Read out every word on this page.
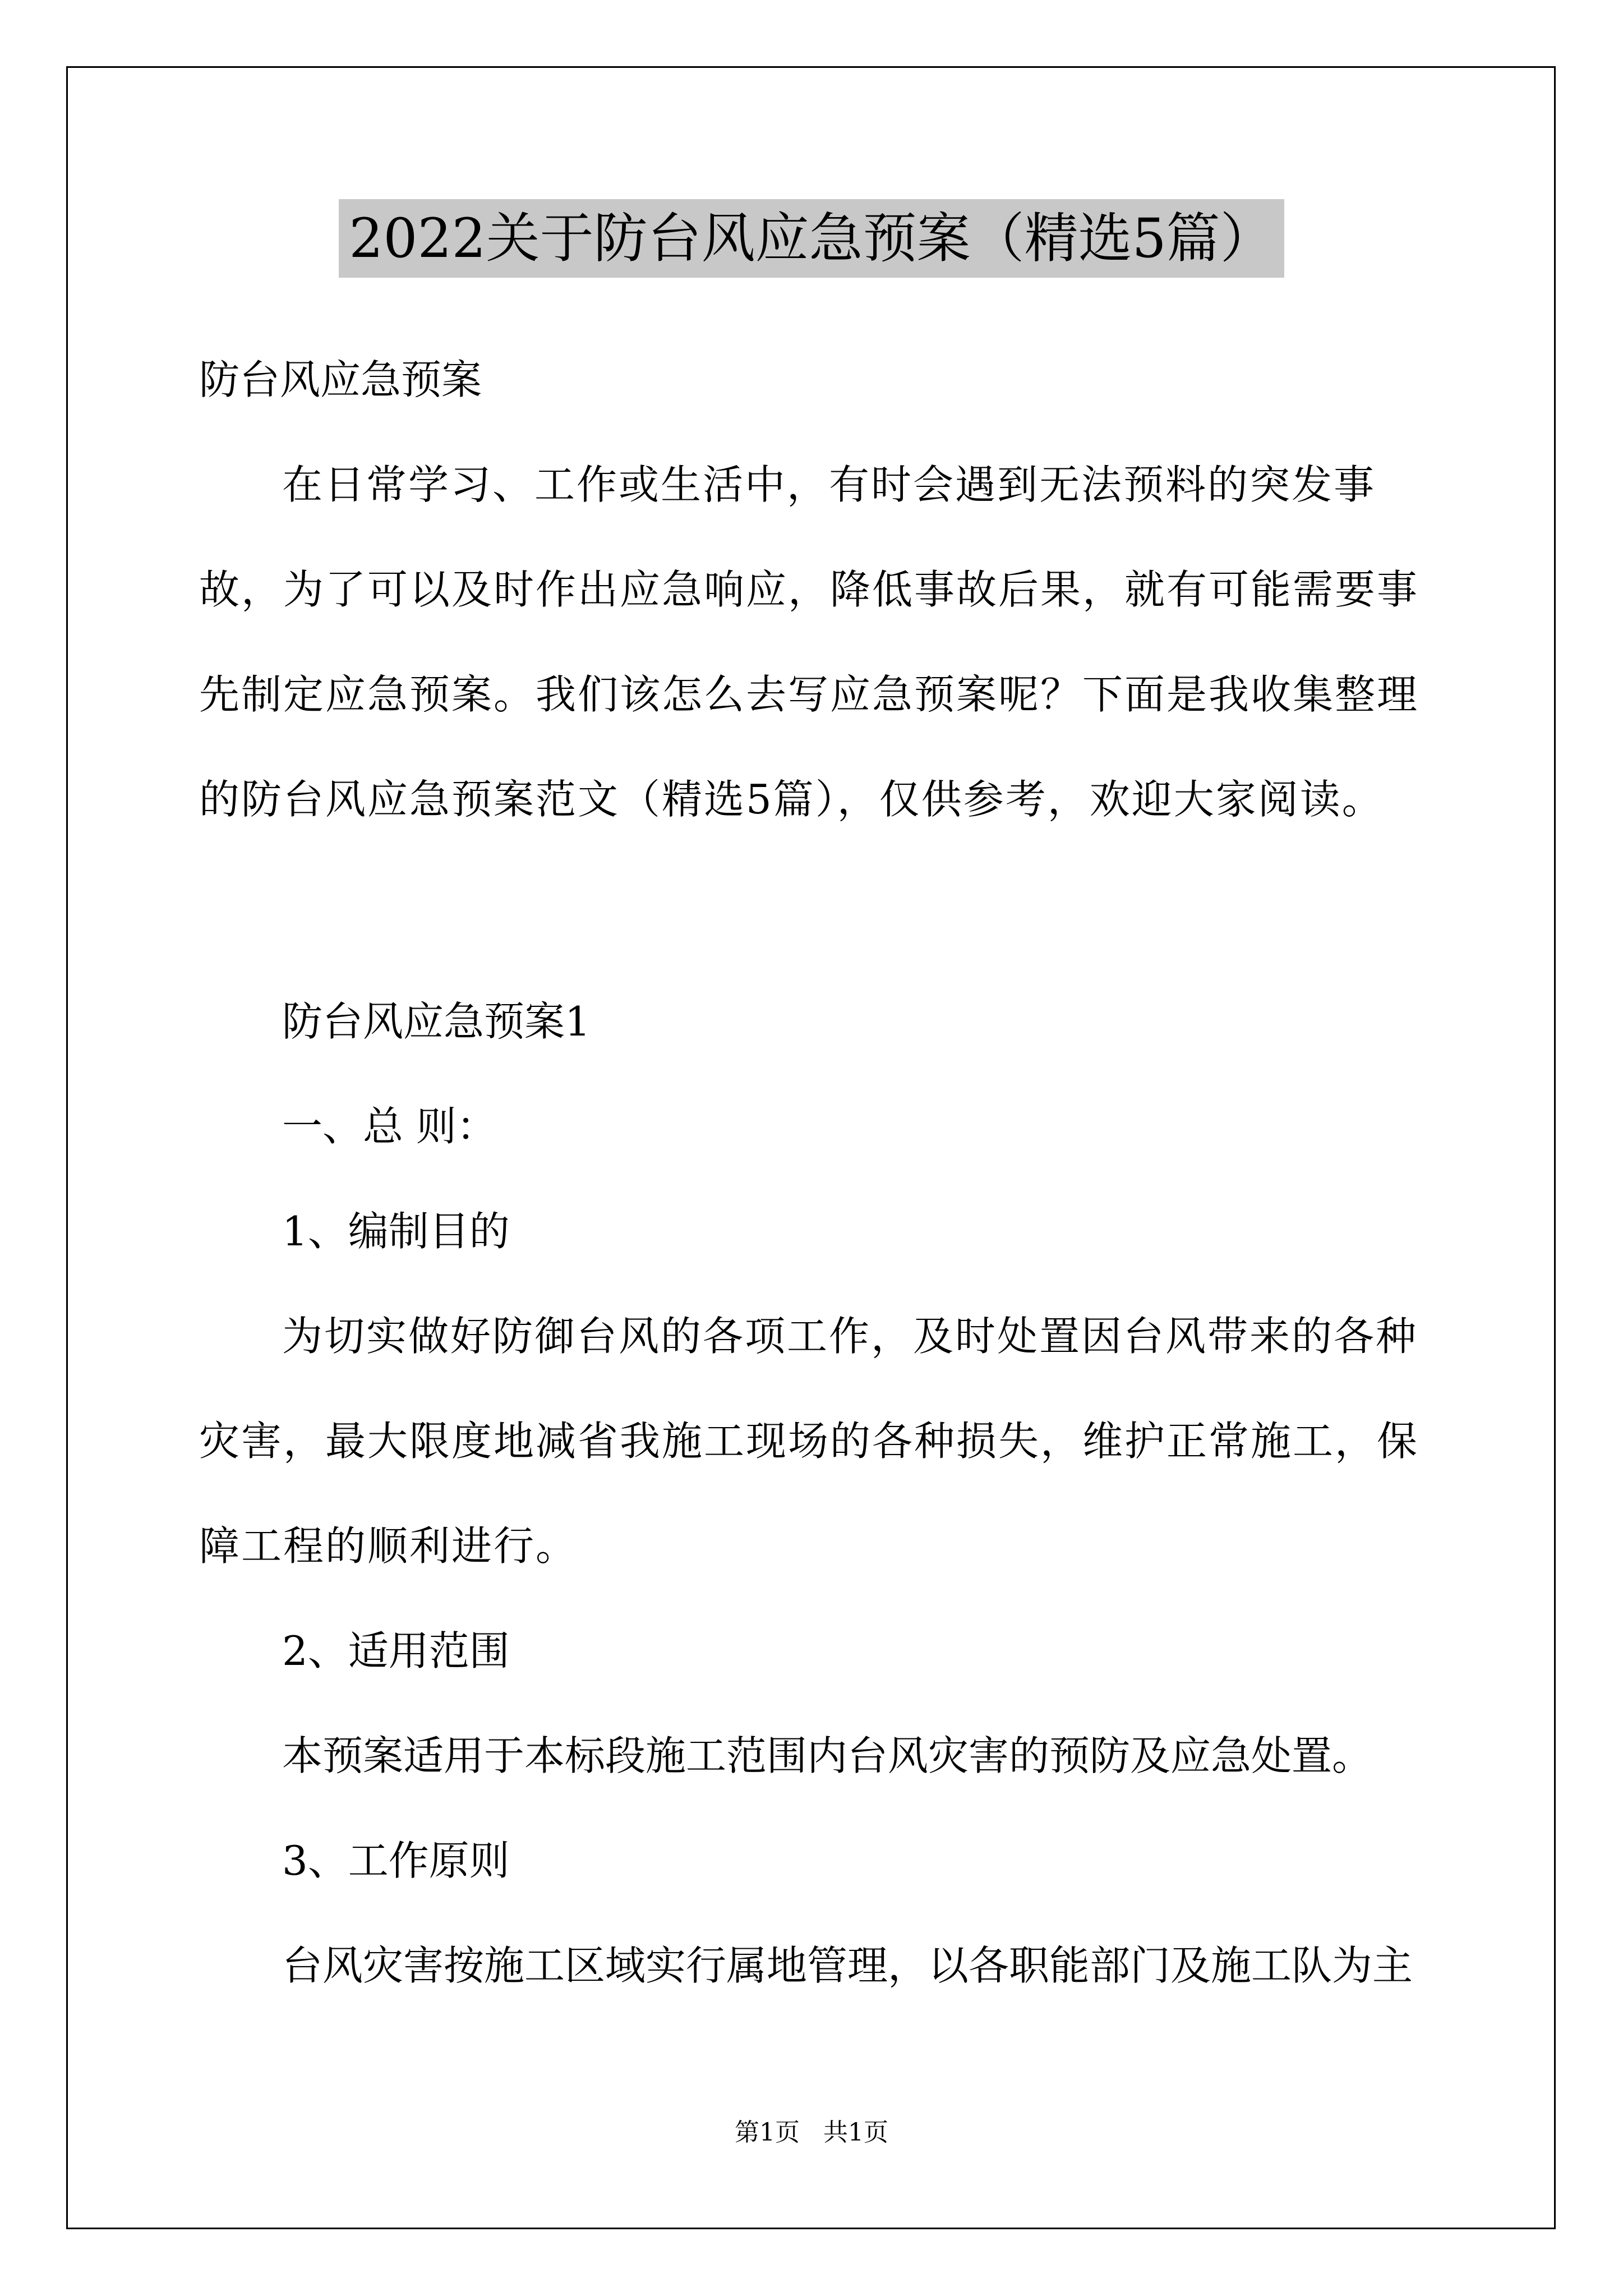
2022关于防台风应急预案（精选5篇）
防台风应急预案
在日常学习、工作或生活中，有时会遇到无法预料的突发事故，为了可以及时作出应急响应，降低事故后果，就有可能需要事先制定应急预案。我们该怎么去写应急预案呢？下面是我收集整理的防台风应急预案范文（精选5篇），仅供参考，欢迎大家阅读。
防台风应急预案1
一、总 则：
1、编制目的
为切实做好防御台风的各项工作，及时处置因台风带来的各种灾害，最大限度地减省我施工现场的各种损失，维护正常施工，保障工程的顺利进行。
2、适用范围
本预案适用于本标段施工范围内台风灾害的预防及应急处置。
3、工作原则
台风灾害按施工区域实行属地管理，以各职能部门及施工队为主
第1页   共1页
